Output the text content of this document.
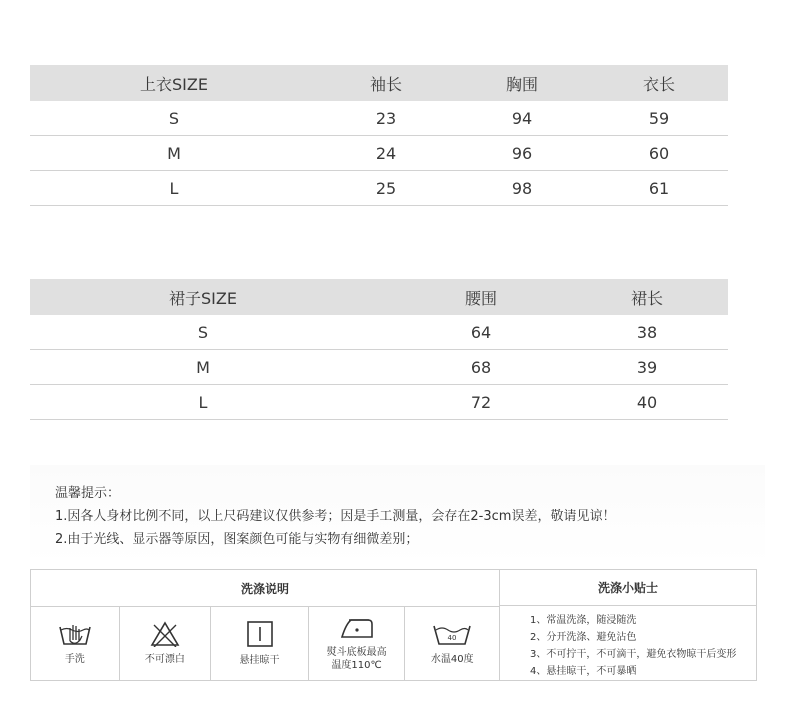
上衣SIZE	袖长	胸围	衣长
S	23	94	59
M	24	96	60
L	25	98	61
裙子SIZE	腰围	裙长
S	64	38
M	68	39
L	72	40
温馨提示：
1.因各人身材比例不同，以上尺码建议仅供参考；因是手工测量，会存在2-3cm误差，敬请见谅！
2.由于光线、显示器等原因，图案颜色可能与实物有细微差别；
洗涤说明
手洗	不可漂白	悬挂晾干
熨斗底板最高
温度110℃
40
水温40度
洗涤小贴士
1、常温洗涤，随浸随洗
2、分开洗涤、避免沾色
3、不可拧干，不可滴干，避免衣物晾干后变形
4、悬挂晾干，不可暴晒
